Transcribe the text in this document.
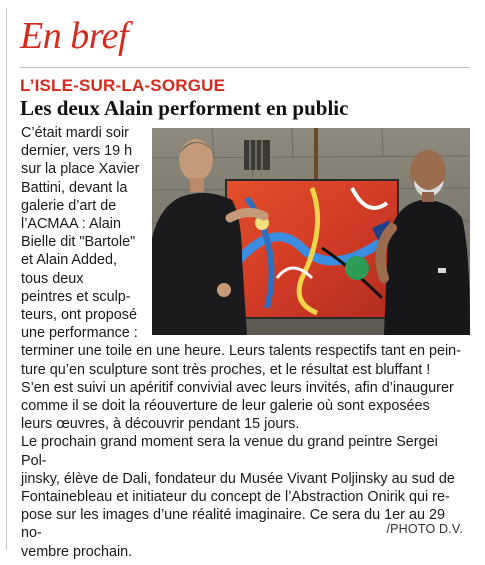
En bref
L’ISLE-SUR-LA-SORGUE
Les deux Alain performent en public
C’était mardi soir
dernier, vers 19 h
sur la place Xavier
Battini, devant la
galerie d’art de
l’ACMAA : Alain
Bielle dit "Bartole"
et Alain Added,
tous deux
peintres et sculp-
teurs, ont proposé
une performance :
terminer une toile en une heure. Leurs talents respectifs tant en pein-
ture qu’en sculpture sont très proches, et le résultat est bluffant !
S’en est suivi un apéritif convivial avec leurs invités, afin d’inaugurer
comme il se doit la réouverture de leur galerie où sont exposées
leurs œuvres, à découvrir pendant 15 jours.
Le prochain grand moment sera la venue du grand peintre Sergei Pol-
jinsky, élève de Dali, fondateur du Musée Vivant Poljinsky au sud de
Fontainebleau et initiateur du concept de l’Abstraction Onirik qui re-
pose sur les images d’une réalité imaginaire. Ce sera du 1er au 29 no-
vembre prochain.
/PHOTO D.V.
